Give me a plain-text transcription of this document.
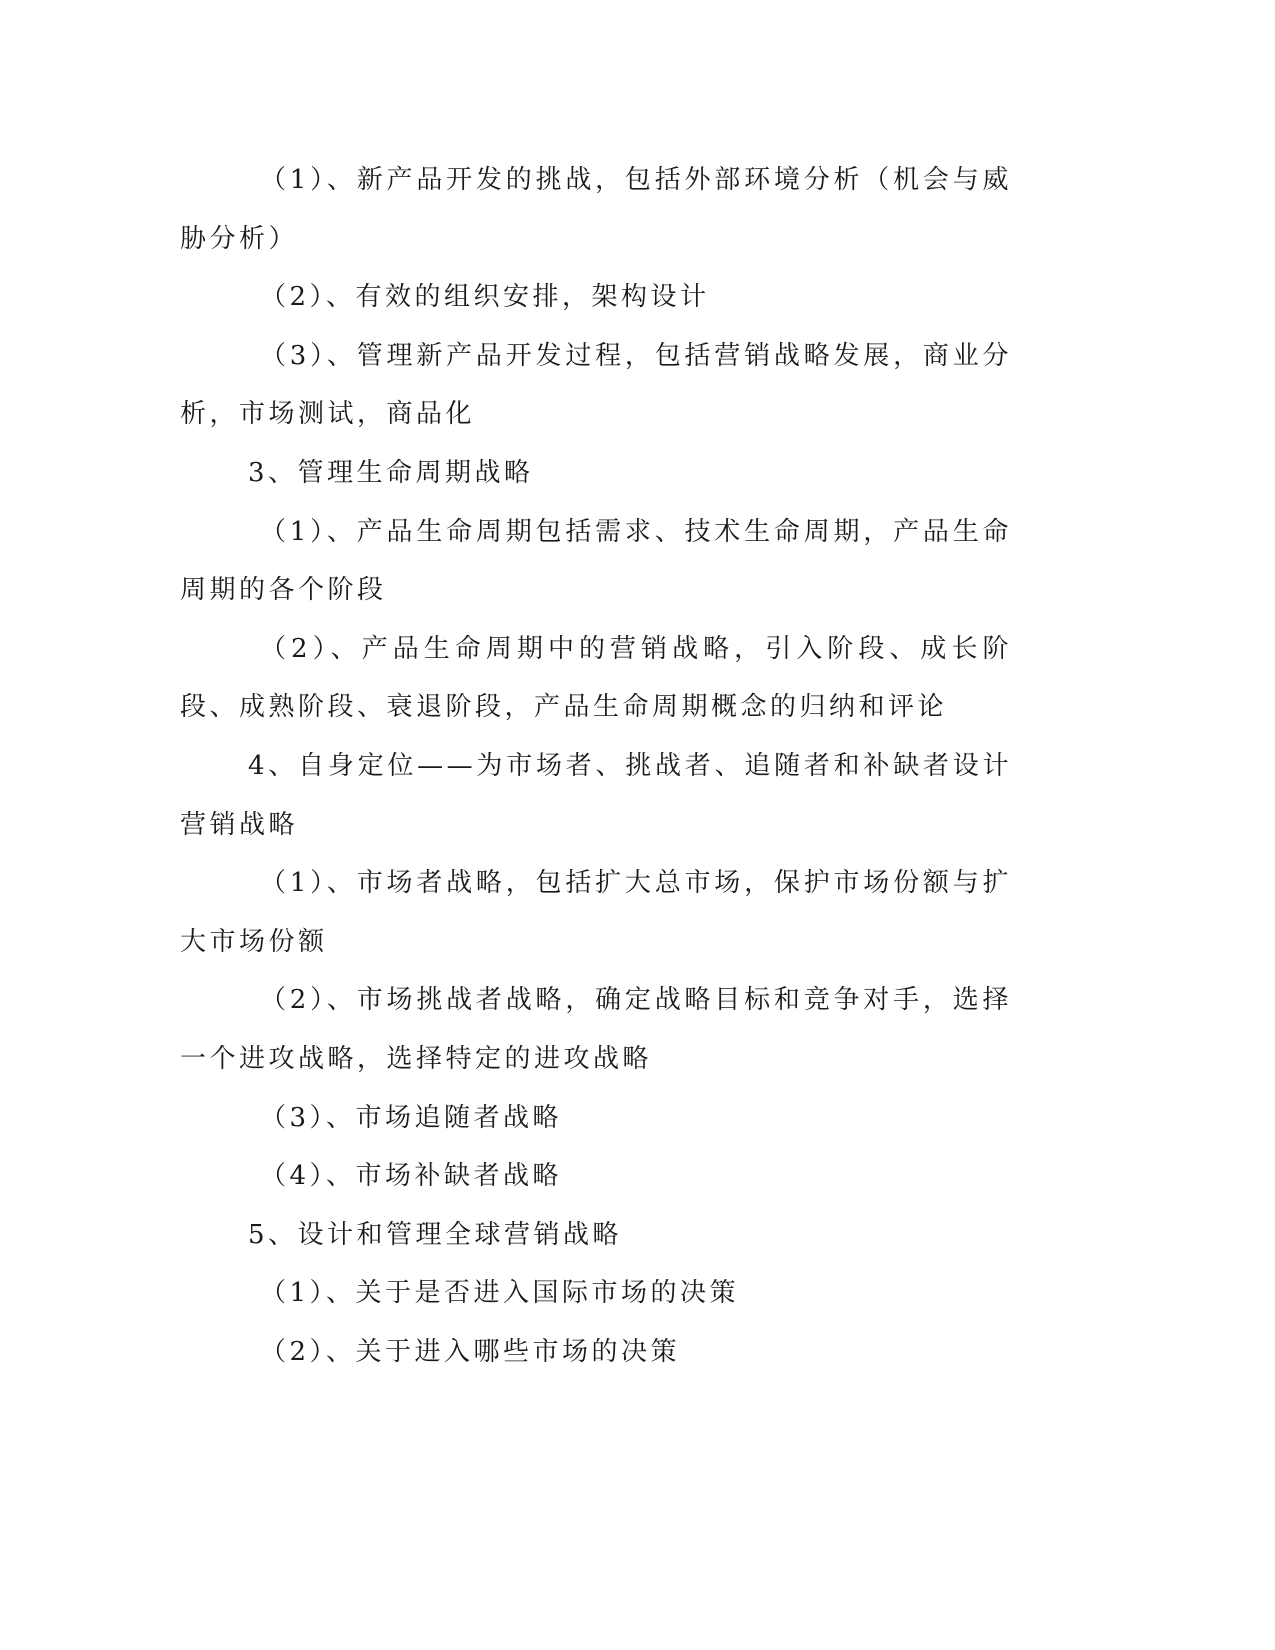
（1）、新产品开发的挑战，包括外部环境分析（机会与威胁分析）

（2）、有效的组织安排，架构设计

（3）、管理新产品开发过程，包括营销战略发展，商业分析，市场测试，商品化

3、管理生命周期战略

（1）、产品生命周期包括需求、技术生命周期，产品生命周期的各个阶段

（2）、产品生命周期中的营销战略，引入阶段、成长阶段、成熟阶段、衰退阶段，产品生命周期概念的归纳和评论

4、自身定位——为市场者、挑战者、追随者和补缺者设计营销战略

（1）、市场者战略，包括扩大总市场，保护市场份额与扩大市场份额

（2）、市场挑战者战略，确定战略目标和竞争对手，选择一个进攻战略，选择特定的进攻战略

（3）、市场追随者战略

（4）、市场补缺者战略

5、设计和管理全球营销战略

（1）、关于是否进入国际市场的决策

（2）、关于进入哪些市场的决策
